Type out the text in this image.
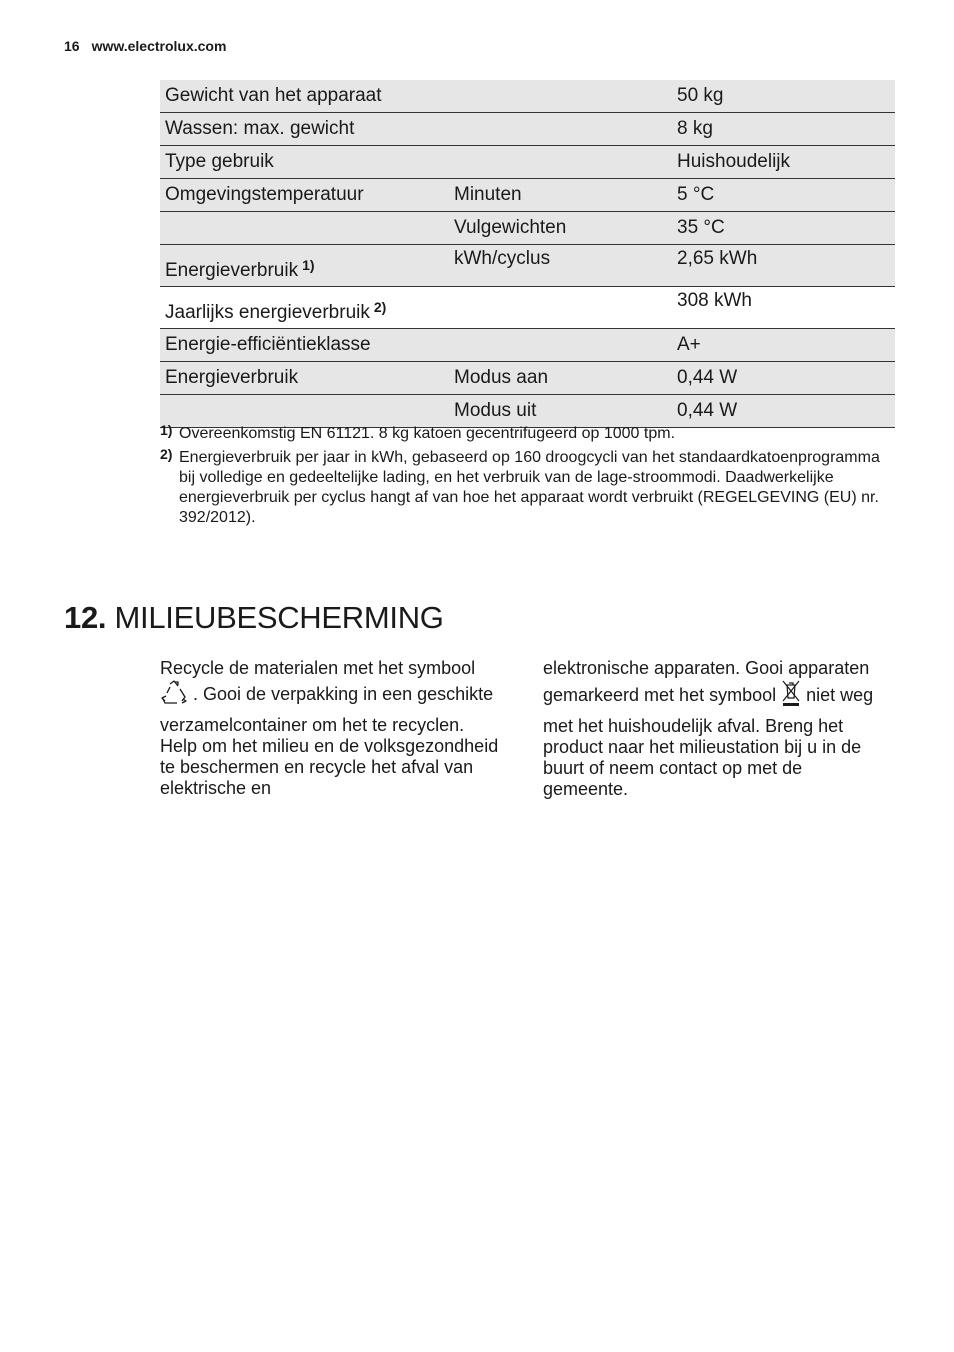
16 www.electrolux.com
Gewicht van het apparaat		50 kg
Wassen: max. gewicht		8 kg
Type gebruik		Huishoudelijk
Omgevingstemperatuur	Minuten	5 °C
	Vulgewichten	35 °C
Energieverbruik $^{1)}$	kWh/cyclus	2,65 kWh
Jaarlijks energieverbruik $^{2)}$		308 kWh
Energie-efficiëntieklasse		A+
Energieverbruik	Modus aan	0,44 W
	Modus uit	0,44 W
1) Overeenkomstig EN 61121. 8 kg katoen gecentrifugeerd op 1000 tpm.
2) Energieverbruik per jaar in kWh, gebaseerd op 160 droogcycli van het standaardkatoenprogramma bij volledige en gedeeltelijke lading, en het verbruik van de lage-stroommodi. Daadwerkelijke energieverbruik per cyclus hangt af van hoe het apparaat wordt verbruikt (REGELGEVING (EU) nr. 392/2012).
12. MILIEUBESCHERMING

Recycle de materialen met het symbool

. Gooi de verpakking in een geschikte

verzamelcontainer om het te recyclen. Help om het milieu en de volksgezondheid te beschermen en recycle het afval van elektrische en

elektronische apparaten. Gooi apparaten

gemarkeerd met het symbool niet weg

met het huishoudelijk afval. Breng het product naar het milieustation bij u in de buurt of neem contact op met de gemeente.
